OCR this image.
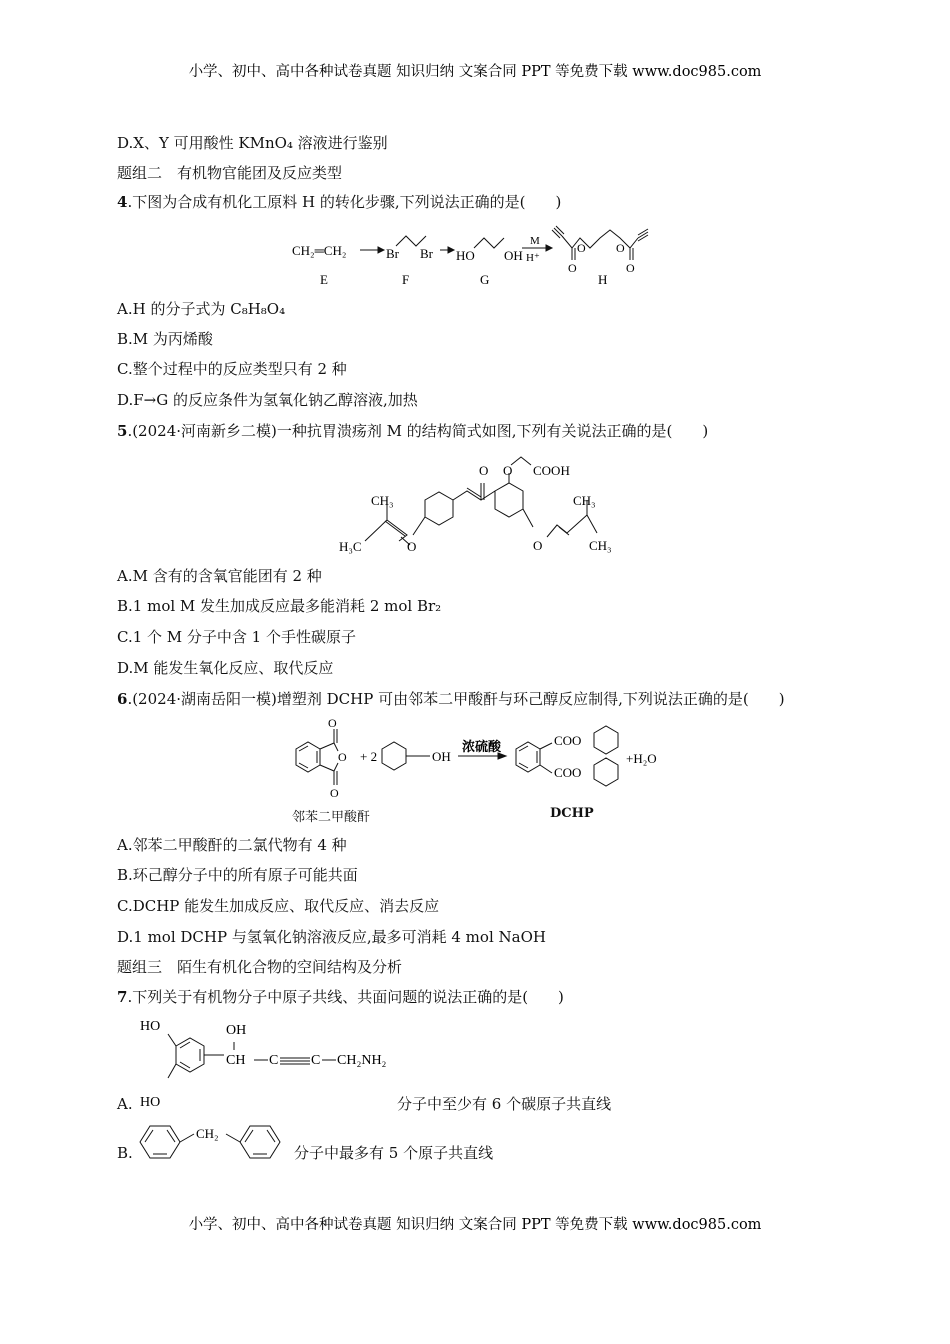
小学、初中、高中各种试卷真题 知识归纳 文案合同 PPT 等免费下载 www.doc985.com
小学、初中、高中各种试卷真题 知识归纳 文案合同 PPT 等免费下载 www.doc985.com
D.X、Y 可用酸性 KMnO₄ 溶液进行鉴别
题组二　有机物官能团及反应类型
4.下图为合成有机化工原料 H 的转化步骤,下列说法正确的是(　　)
CH₂═CH₂	Br Br HO OH
M
H⁺
O	O
O	O
E	F	G	H
A.H 的分子式为 C₈H₈O₄
B.M 为丙烯酸
C.整个过程中的反应类型只有 2 种
D.F→G 的反应条件为氢氧化钠乙醇溶液,加热
5.(2024·河南新乡二模)一种抗胃溃疡剂 M 的结构简式如图,下列有关说法正确的是(　　)
CH₃
H₃C	O
O O COOH
O
CH₃
CH₃
A.M 含有的含氧官能团有 2 种
B.1 mol M 发生加成反应最多能消耗 2 mol Br₂
C.1 个 M 分子中含 1 个手性碳原子
D.M 能发生氧化反应、取代反应
6.(2024·湖南岳阳一模)增塑剂 DCHP 可由邻苯二甲酸酐与环己醇反应制得,下列说法正确的是(　　)
O
O
O
+ 2	OH
浓硫酸	COO
COO
+H₂O
邻苯二甲酸酐	DCHP
A.邻苯二甲酸酐的二氯代物有 4 种
B.环己醇分子中的所有原子可能共面
C.DCHP 能发生加成反应、取代反应、消去反应
D.1 mol DCHP 与氢氧化钠溶液反应,最多可消耗 4 mol NaOH
题组三　陌生有机化合物的空间结构及分析
7.下列关于有机物分子中原子共线、共面问题的说法正确的是(　　)
HO	OH
CH C C CH₂NH₂
HO
A.	分子中至少有 6 个碳原子共直线
B.
CH₂
分子中最多有 5 个原子共直线
